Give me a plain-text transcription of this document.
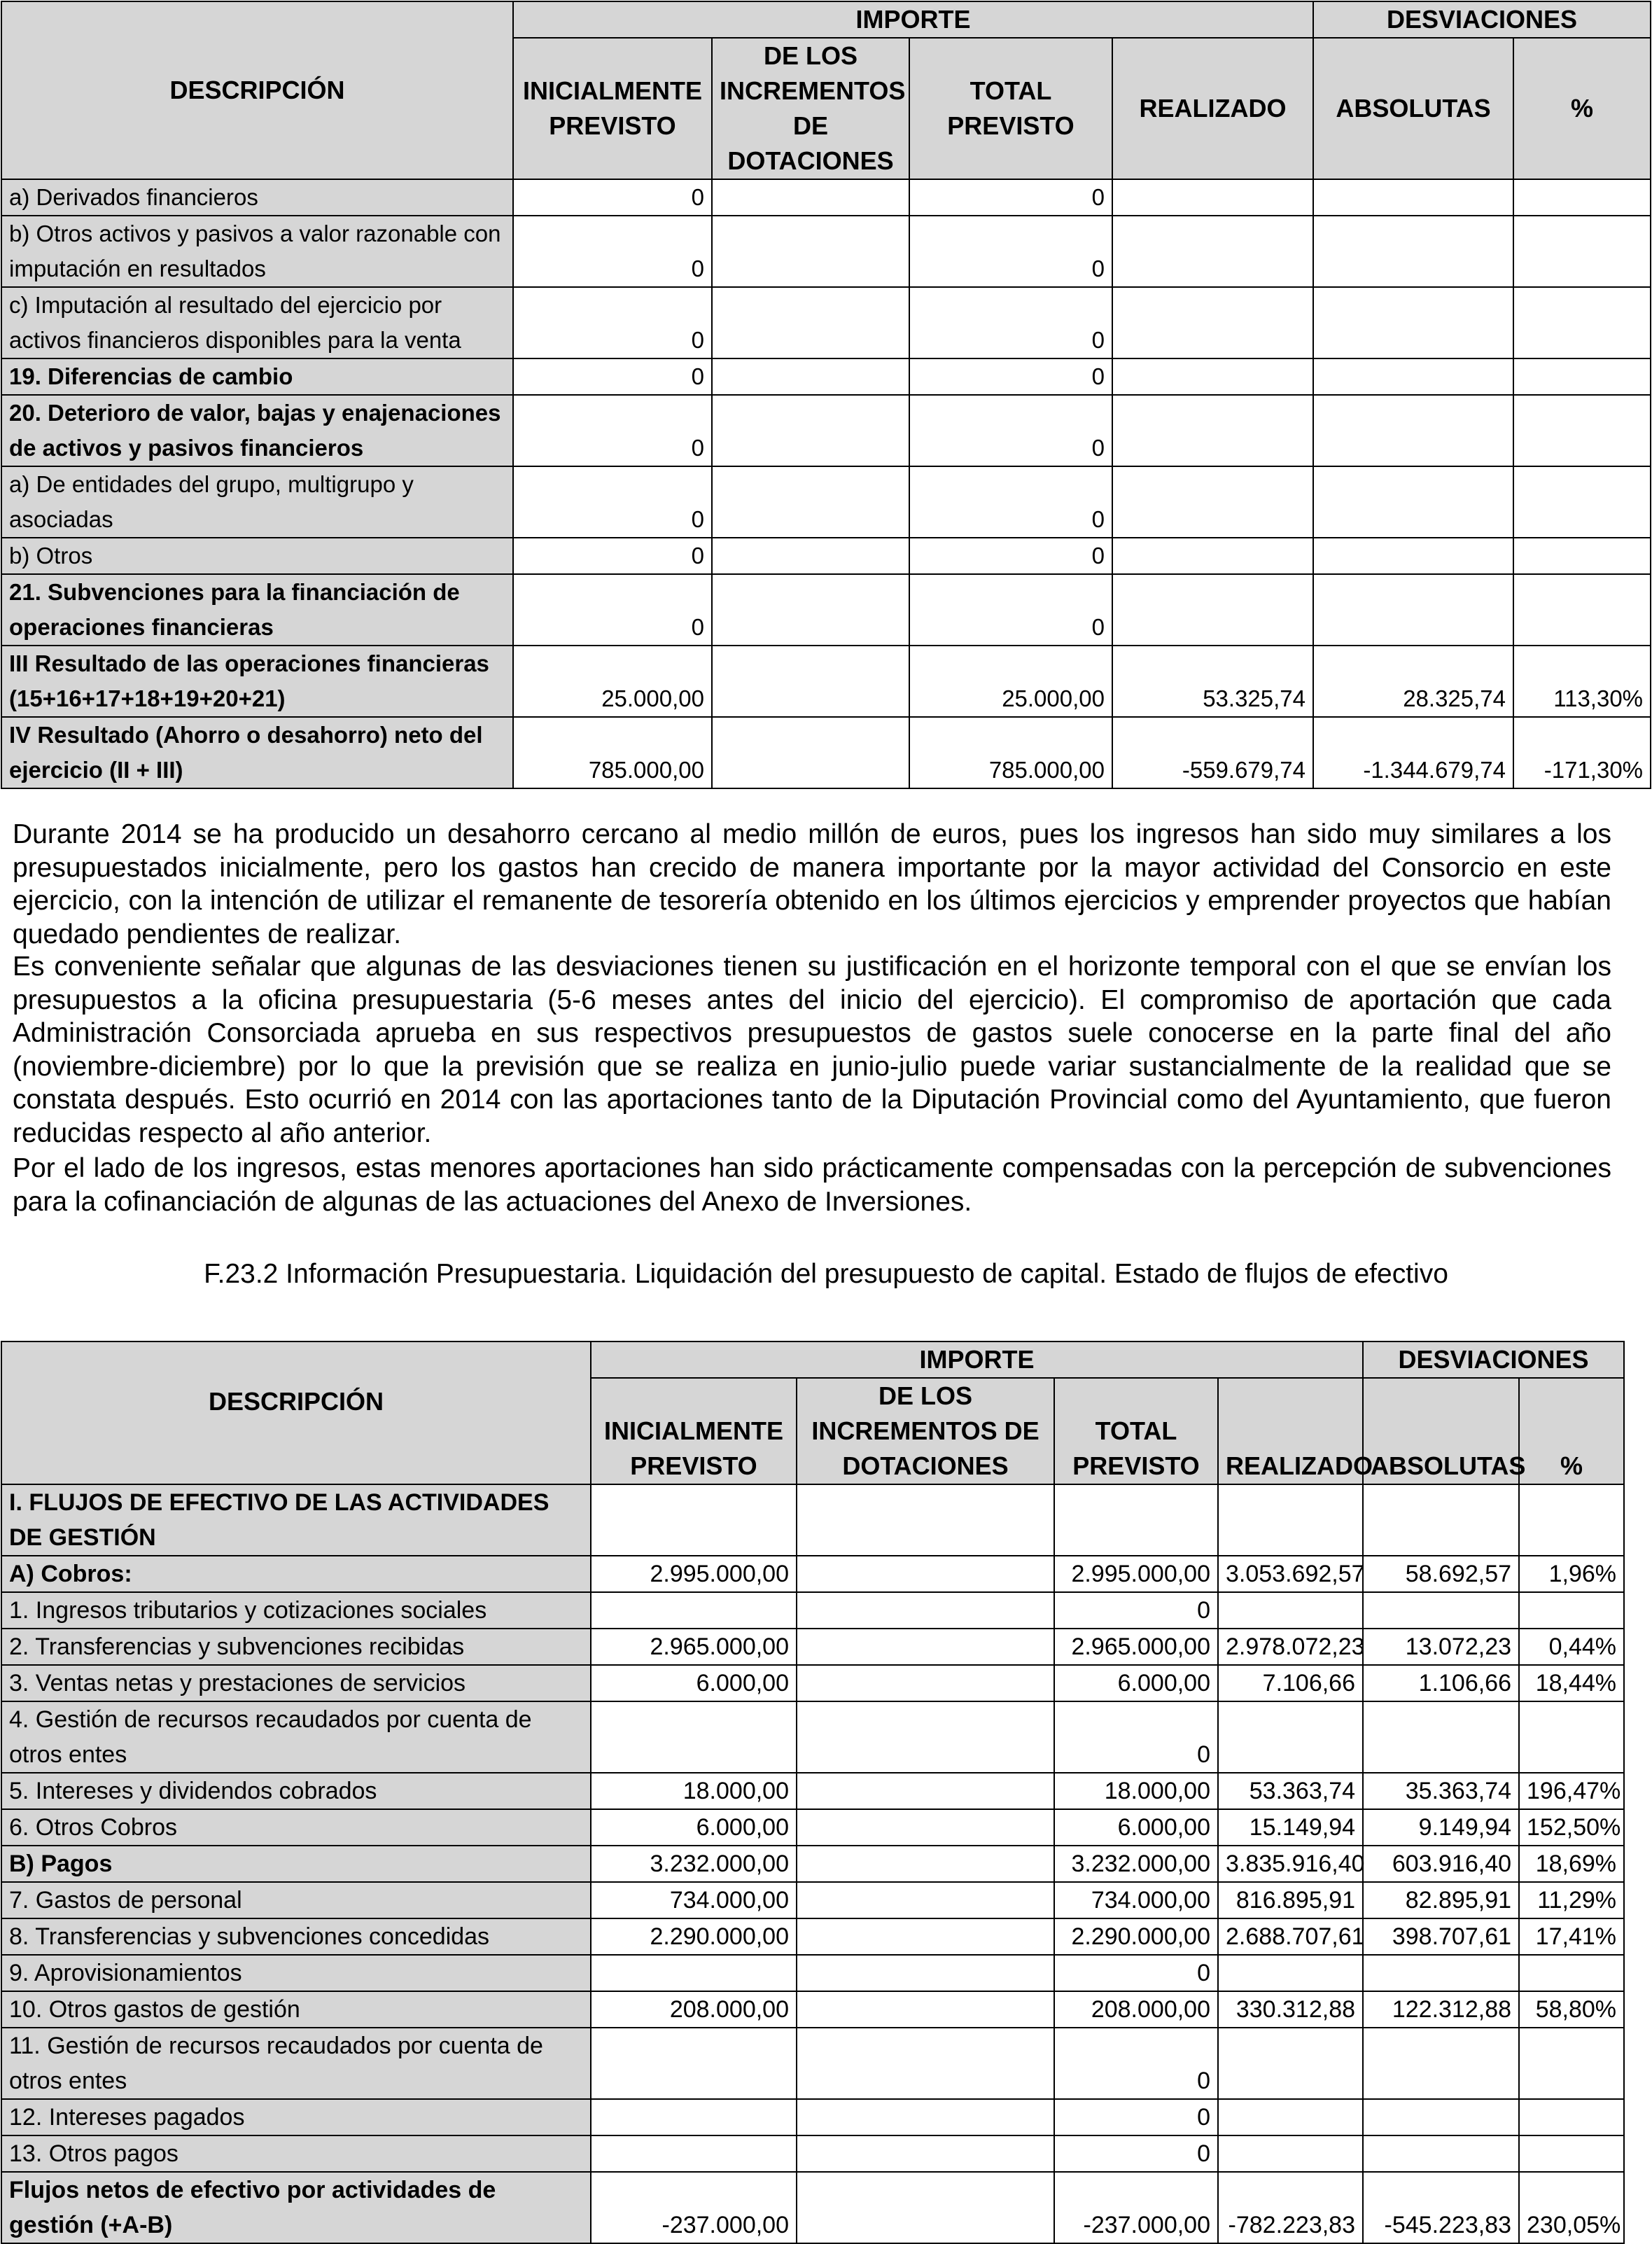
DESCRIPCIÓN	IMPORTE				DESVIACIONES	
	INICIALMENTE PREVISTO	DE LOS INCREMENTOS DE DOTACIONES	TOTAL PREVISTO	REALIZADO	ABSOLUTAS	%
a) Derivados financieros	0		0			
b) Otros activos y pasivos a valor razonable con imputación en resultados	0		0			
c) Imputación al resultado del ejercicio por activos financieros disponibles para la venta	0		0			
19. Diferencias de cambio	0		0			
20. Deterioro de valor, bajas y enajenaciones de activos y pasivos financieros	0		0			
a) De entidades del grupo, multigrupo y asociadas	0		0			
b) Otros	0		0			
21. Subvenciones para la financiación de operaciones financieras	0		0			
III Resultado de las operaciones financieras (15+16+17+18+19+20+21)	25.000,00		25.000,00	53.325,74	28.325,74	113,30%
IV Resultado (Ahorro o desahorro) neto del ejercicio (II + III)	785.000,00		785.000,00	-559.679,74	-1.344.679,74	-171,30%

Durante 2014 se ha producido un desahorro cercano al medio millón de euros, pues los ingresos han sido muy similares a los presupuestados inicialmente, pero los gastos han crecido de manera importante por la mayor actividad del Consorcio en este ejercicio, con la intención de utilizar el remanente de tesorería obtenido en los últimos ejercicios y emprender proyectos que habían quedado pendientes de realizar.

Es conveniente señalar que algunas de las desviaciones tienen su justificación en el horizonte temporal con el que se envían los presupuestos a la oficina presupuestaria (5-6 meses antes del inicio del ejercicio). El compromiso de aportación que cada Administración Consorciada aprueba en sus respectivos presupuestos de gastos suele conocerse en la parte final del año (noviembre-diciembre) por lo que la previsión que se realiza en junio-julio puede variar sustancialmente de la realidad que se constata después. Esto ocurrió en 2014 con las aportaciones tanto de la Diputación Provincial como del Ayuntamiento, que fueron reducidas respecto al año anterior.

Por el lado de los ingresos, estas menores aportaciones han sido prácticamente compensadas con la percepción de subvenciones para la cofinanciación de algunas de las actuaciones del Anexo de Inversiones.

F.23.2 Información Presupuestaria. Liquidación del presupuesto de capital. Estado de flujos de efectivo

DESCRIPCIÓN	IMPORTE				DESVIACIONES	
	INICIALMENTE PREVISTO	DE LOS INCREMENTOS DE DOTACIONES	TOTAL PREVISTO	REALIZADO	ABSOLUTAS	%
I. FLUJOS DE EFECTIVO DE LAS ACTIVIDADES DE GESTIÓN						
A) Cobros:	2.995.000,00		2.995.000,00	3.053.692,57	58.692,57	1,96%
1. Ingresos tributarios y cotizaciones sociales			0			
2. Transferencias y subvenciones recibidas	2.965.000,00		2.965.000,00	2.978.072,23	13.072,23	0,44%
3. Ventas netas y prestaciones de servicios	6.000,00		6.000,00	7.106,66	1.106,66	18,44%
4. Gestión de recursos recaudados por cuenta de otros entes			0			
5. Intereses y dividendos cobrados	18.000,00		18.000,00	53.363,74	35.363,74	196,47%
6. Otros Cobros	6.000,00		6.000,00	15.149,94	9.149,94	152,50%
B) Pagos	3.232.000,00		3.232.000,00	3.835.916,40	603.916,40	18,69%
7. Gastos de personal	734.000,00		734.000,00	816.895,91	82.895,91	11,29%
8. Transferencias y subvenciones concedidas	2.290.000,00		2.290.000,00	2.688.707,61	398.707,61	17,41%
9. Aprovisionamientos			0			
10. Otros gastos de gestión	208.000,00		208.000,00	330.312,88	122.312,88	58,80%
11. Gestión de recursos recaudados por cuenta de otros entes			0			
12. Intereses pagados			0			
13. Otros pagos			0			
Flujos netos de efectivo por actividades de gestión (+A-B)	-237.000,00		-237.000,00	-782.223,83	-545.223,83	230,05%
